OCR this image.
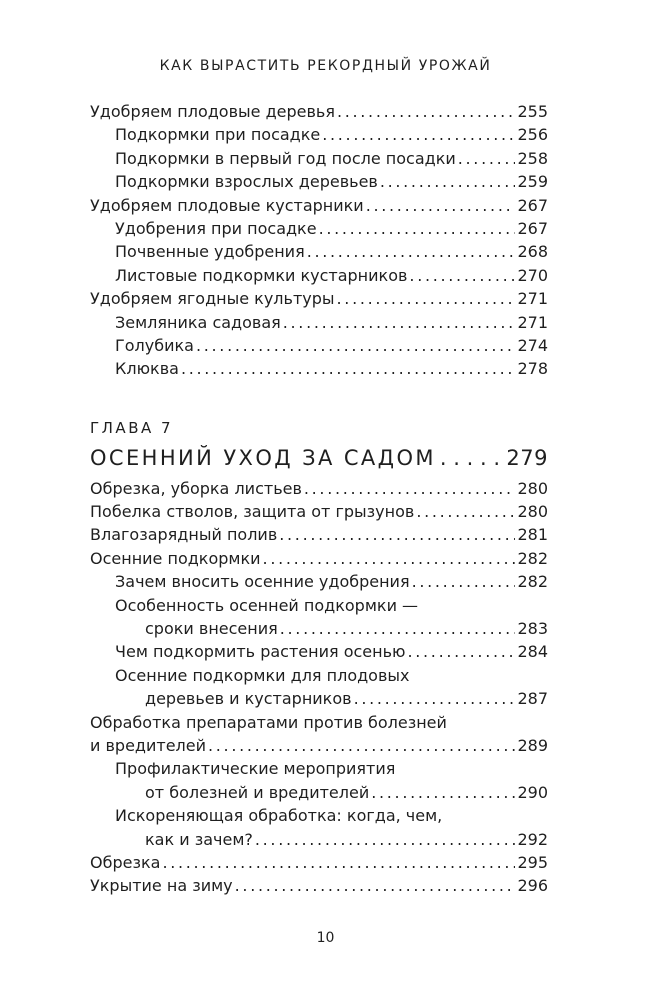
КАК ВЫРАСТИТЬ РЕКОРДНЫЙ УРОЖАЙ
Удобряем плодовые деревья . . .	255
Подкормки при посадке . . .	256
Подкормки в первый год после посадки . . .	258
Подкормки взрослых деревьев . . .	259
Удобряем плодовые кустарники . . .	267
Удобрения при посадке . . .	267
Почвенные удобрения . . .	268
Листовые подкормки кустарников . . .	270
Удобряем ягодные культуры . . .	271
Земляника садовая . . .	271
Голубика . . .	274
Клюква . . .	278
ГЛАВА 7
ОСЕННИЙ УХОД ЗА САДОМ . . .	279
Обрезка, уборка листьев . . .	280
Побелка стволов, защита от грызунов . . .	280
Влагозарядный полив . . .	281
Осенние подкормки . . .	282
Зачем вносить осенние удобрения . . .	282
Особенность осенней подкормки —
сроки внесения . . .	283
Чем подкормить растения осенью . . .	284
Осенние подкормки для плодовых
деревьев и кустарников . . .	287
Обработка препаратами против болезней
и вредителей . . .	289
Профилактические мероприятия
от болезней и вредителей . . .	290
Искореняющая обработка: когда, чем,
как и зачем? . . .	292
Обрезка . . .	295
Укрытие на зиму . . .	296
10
